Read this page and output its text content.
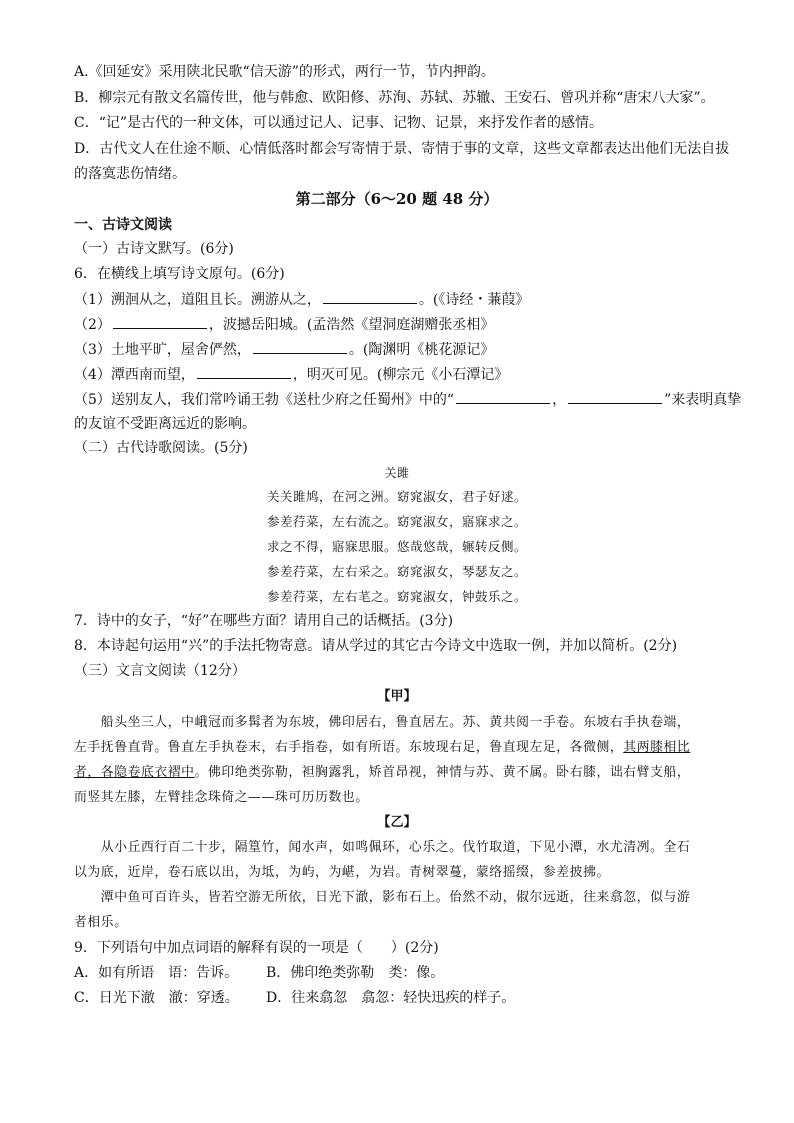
A.《回延安》采用陕北民歌“信天游”的形式，两行一节，节内押韵。
B．柳宗元有散文名篇传世，他与韩愈、欧阳修、苏洵、苏轼、苏辙、王安石、曾巩并称“唐宋八大家”。
C．“记”是古代的一种文体，可以通过记人、记事、记物、记景，来抒发作者的感情。
D．古代文人在仕途不顺、心情低落时都会写寄情于景、寄情于事的文章，这些文章都表达出他们无法自拔
的落寞悲伤情绪。
第二部分（6～20 题 48 分）
一、古诗文阅读
（一）古诗文默写。(6分)
6．在横线上填写诗文原句。(6分)
（1）溯洄从之，道阻且长。溯游从之，	。(《诗经・蒹葭》
（2）	，波撼岳阳城。(孟浩然《望洞庭湖赠张丞相》
（3）土地平旷，屋舍俨然，	。(陶渊明《桃花源记》
（4）潭西南而望，	，明灭可见。(柳宗元《小石潭记》
（5）送别友人，我们常吟诵王勃《送杜少府之任蜀州》中的“	，	”来表明真挚
的友谊不受距离远近的影响。
（二）古代诗歌阅读。(5分)
关雎
关关雎鸠，在河之洲。窈窕淑女，君子好逑。
参差荇菜，左右流之。窈窕淑女，寤寐求之。
求之不得，寤寐思服。悠哉悠哉，辗转反侧。
参差荇菜，左右采之。窈窕淑女，琴瑟友之。
参差荇菜，左右芼之。窈窕淑女，钟鼓乐之。
7．诗中的女子，“好”在哪些方面？请用自己的话概括。(3分)
8．本诗起句运用“兴”的手法托物寄意。请从学过的其它古今诗文中选取一例，并加以简析。(2分)
（三）文言文阅读（12分）
【甲】
  船头坐三人，中峨冠而多髯者为东坡，佛印居右，鲁直居左。苏、黄共阅一手卷。东坡右手执卷端，
左手抚鲁直背。鲁直左手执卷末，右手指卷，如有所语。东坡现右足，鲁直现左足，各微侧，其两膝相比
者，各隐卷底衣褶中。佛印绝类弥勒，袒胸露乳，矫首昂视，神情与苏、黄不属。卧右膝，诎右臂支船，
而竖其左膝，左臂挂念珠倚之——珠可历历数也。
【乙】
  从小丘西行百二十步，隔篁竹，闻水声，如鸣佩环，心乐之。伐竹取道，下见小潭，水尤清冽。全石
以为底，近岸，卷石底以出，为坻，为屿，为嵁，为岩。青树翠蔓，蒙络摇缀，参差披拂。
  潭中鱼可百许头，皆若空游无所依，日光下澈，影布石上。佁然不动，俶尔远逝，往来翕忽，似与游
者相乐。
9．下列语句中加点词语的解释有误的一项是（　　）(2分)
A．如有所语　语：告诉。 B．佛印绝类弥勒　类：像。
C．日光下澈　澈：穿透。 D．往来翕忽　翕忽：轻快迅疾的样子。
